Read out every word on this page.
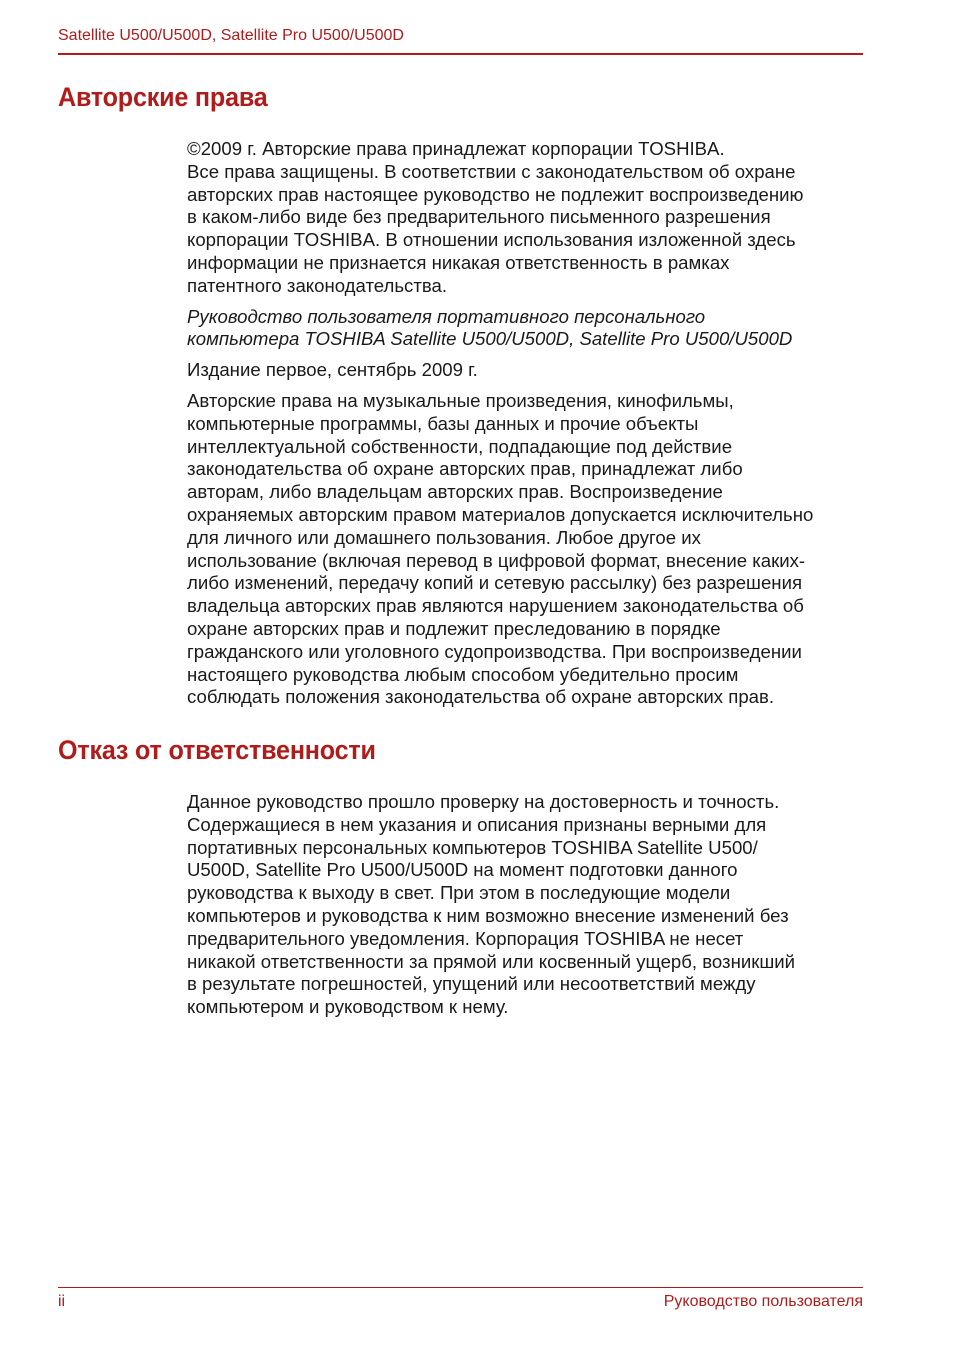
Satellite U500/U500D, Satellite Pro U500/U500D
Авторские права

©2009 г. Авторские права принадлежат корпорации TOSHIBA.
Все права защищены. В соответствии с законодательством об охране
авторских прав настоящее руководство не подлежит воспроизведению
в каком-либо виде без предварительного письменного разрешения
корпорации TOSHIBA. В отношении использования изложенной здесь
информации не признается никакая ответственность в рамках
патентного законодательства.

Руководство пользователя портативного персонального
компьютера TOSHIBA Satellite U500/U500D, Satellite Pro U500/U500D

Издание первое, сентябрь 2009 г.

Авторские права на музыкальные произведения, кинофильмы,
компьютерные программы, базы данных и прочие объекты
интеллектуальной собственности, подпадающие под действие
законодательства об охране авторских прав, принадлежат либо
авторам, либо владельцам авторских прав. Воспроизведение
охраняемых авторским правом материалов допускается исключительно
для личного или домашнего пользования. Любое другое их
использование (включая перевод в цифровой формат, внесение каких-
либо изменений, передачу копий и сетевую рассылку) без разрешения
владельца авторских прав являются нарушением законодательства об
охране авторских прав и подлежит преследованию в порядке
гражданского или уголовного судопроизводства. При воспроизведении
настоящего руководства любым способом убедительно просим
соблюдать положения законодательства об охране авторских прав.

Отказ от ответственности

Данное руководство прошло проверку на достоверность и точность.
Содержащиеся в нем указания и описания признаны верными для
портативных персональных компьютеров TOSHIBA Satellite U500/
U500D, Satellite Pro U500/U500D на момент подготовки данного
руководства к выходу в свет. При этом в последующие модели
компьютеров и руководства к ним возможно внесение изменений без
предварительного уведомления. Корпорация TOSHIBA не несет
никакой ответственности за прямой или косвенный ущерб, возникший
в результате погрешностей, упущений или несоответствий между
компьютером и руководством к нему.

ii	Руководство пользователя
